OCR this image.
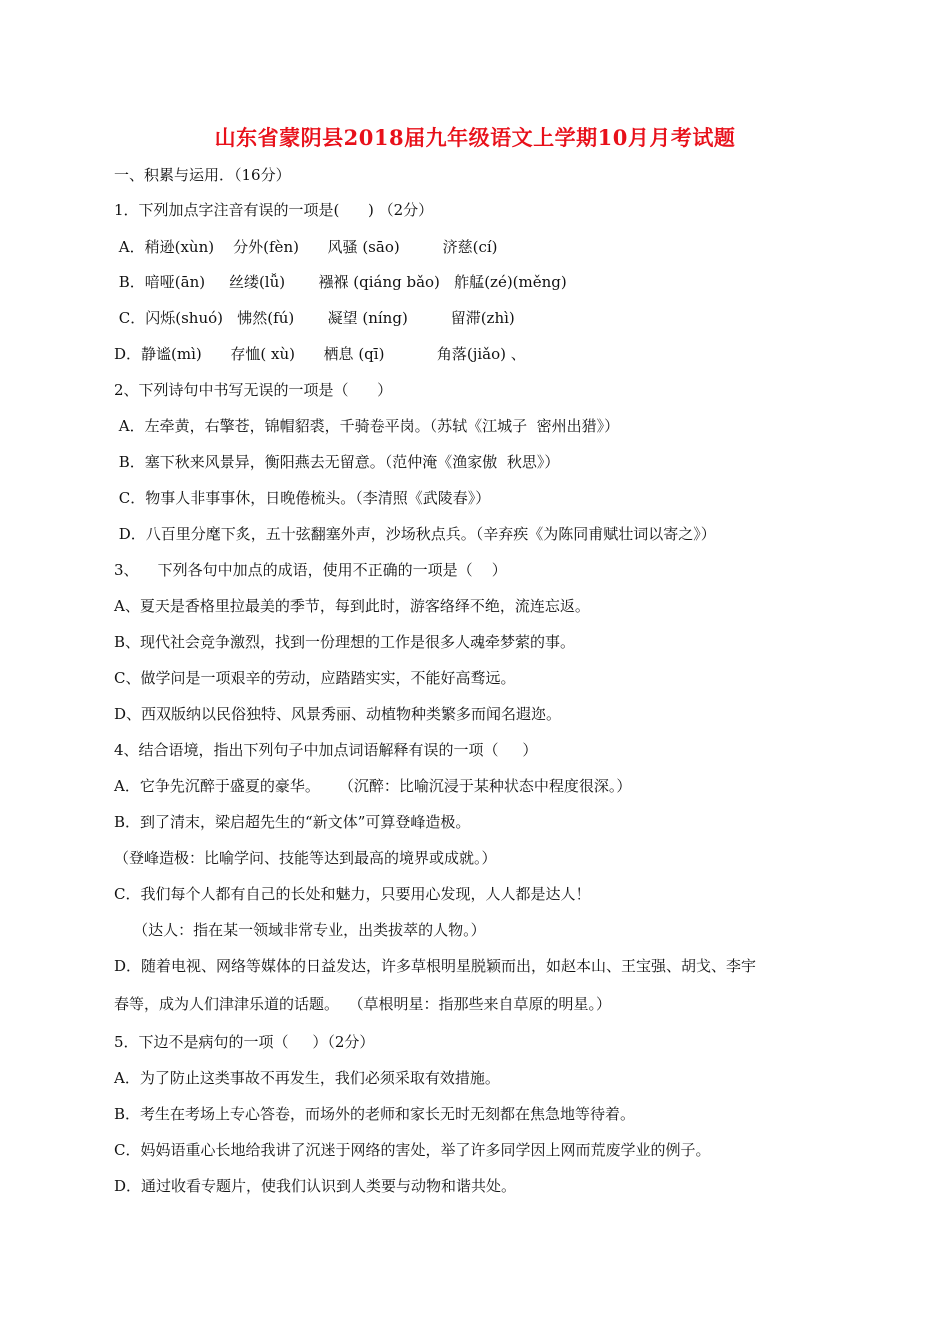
山东省蒙阴县2018届九年级语文上学期10月月考试题
一、积累与运用．（16分）
1．下列加点字注音有误的一项是(      ) （2分）
A．稍逊(xùn)    分外(fèn)      风骚 (sāo)         济慈(cí)
B．喑哑(ān)     丝缕(lǚ)       襁褓 (qiáng bǎo)   舴艋(zé)(měng)
C．闪烁(shuó)   怫然(fú)       凝望 (níng)         留滞(zhì)
D．静谧(mì)      存恤( xù)      栖息 (qī)           角落(jiǎo) 、
2、下列诗句中书写无误的一项是（      ）
A．左牵黄，右擎苍，锦帽貂裘，千骑卷平岗。（苏轼《江城子  密州出猎》）
B．塞下秋来风景异，衡阳燕去无留意。（范仲淹《渔家傲  秋思》）
C．物事人非事事休，日晚倦梳头。（李清照《武陵春》）
D．八百里分麾下炙，五十弦翻塞外声，沙场秋点兵。（辛弃疾《为陈同甫赋壮词以寄之》）
3、    下列各句中加点的成语，使用不正确的一项是（    ）
A、夏天是香格里拉最美的季节，每到此时，游客络绎不绝，流连忘返。
B、现代社会竞争激烈，找到一份理想的工作是很多人魂牵梦萦的事。
C、做学问是一项艰辛的劳动，应踏踏实实，不能好高骛远。
D、西双版纳以民俗独特、风景秀丽、动植物种类繁多而闻名遐迩。
4、结合语境，指出下列句子中加点词语解释有误的一项（     ）
A．它争先沉醉于盛夏的豪华。    （沉醉：比喻沉浸于某种状态中程度很深。）
B．到了清末，梁启超先生的“新文体”可算登峰造极。
（登峰造极：比喻学问、技能等达到最高的境界或成就。）
C．我们每个人都有自己的长处和魅力，只要用心发现，人人都是达人！
（达人：指在某一领域非常专业，出类拔萃的人物。）
D．随着电视、网络等媒体的日益发达，许多草根明星脱颖而出，如赵本山、王宝强、胡戈、李宇
春等，成为人们津津乐道的话题。  （草根明星：指那些来自草原的明星。）
5．下边不是病句的一项（     ）（2分）
A．为了防止这类事故不再发生，我们必须采取有效措施。
B．考生在考场上专心答卷，而场外的老师和家长无时无刻都在焦急地等待着。
C．妈妈语重心长地给我讲了沉迷于网络的害处，举了许多同学因上网而荒废学业的例子。
D．通过收看专题片，使我们认识到人类要与动物和谐共处。
